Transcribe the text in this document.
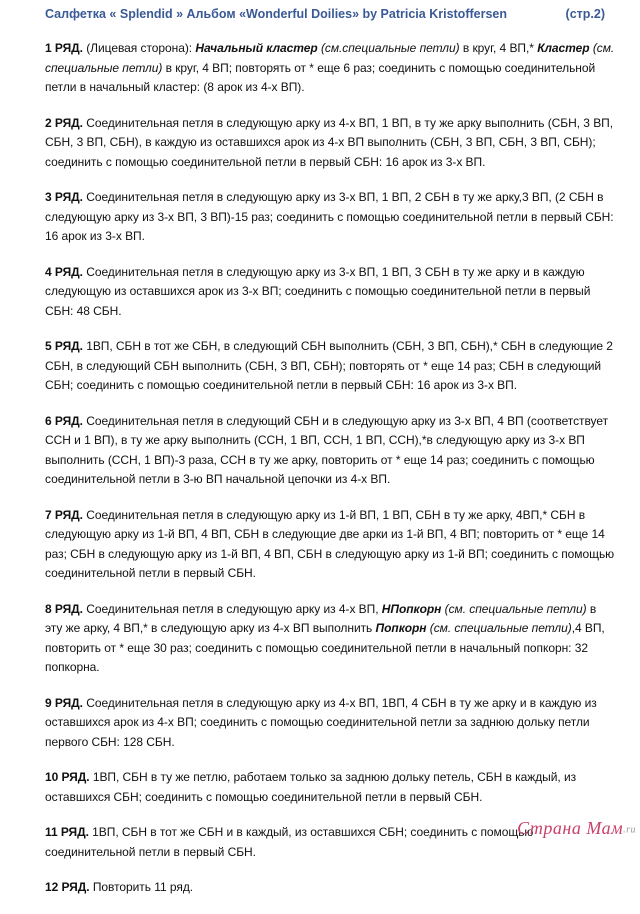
Салфетка « Splendid » Альбом «Wonderful Doilies» by Patricia Kristoffersen	(стр.2)

1 РЯД. (Лицевая сторона): Начальный кластер (см.специальные петли) в круг, 4 ВП,* Кластер (см. специальные петли) в круг, 4 ВП; повторять от * еще 6 раз; соединить с помощью соединительной петли в начальный кластер: (8 арок из 4-х ВП).

2 РЯД. Соединительная петля в следующую арку из 4-х ВП, 1 ВП, в ту же арку выполнить (СБН, 3 ВП, СБН, 3 ВП, СБН), в каждую из оставшихся арок из 4-х ВП выполнить (СБН, 3 ВП, СБН, 3 ВП, СБН); соединить с помощью соединительной петли в первый СБН: 16 арок из 3-х ВП.

3 РЯД. Соединительная петля в следующую арку из 3-х ВП, 1 ВП, 2 СБН в ту же арку,3 ВП, (2 СБН в следующую арку из 3-х ВП, 3 ВП)-15 раз; соединить с помощью соединительной петли в первый СБН: 16 арок из 3-х ВП.

4 РЯД. Соединительная петля в следующую арку из 3-х ВП, 1 ВП, 3 СБН в ту же арку и в каждую следующую из оставшихся арок из 3-х ВП; соединить с помощью соединительной петли в первый СБН: 48 СБН.

5 РЯД. 1ВП, СБН в тот же СБН, в следующий СБН выполнить (СБН, 3 ВП, СБН),* СБН в следующие 2 СБН, в следующий СБН выполнить (СБН, 3 ВП, СБН); повторять от * еще 14 раз; СБН в следующий СБН; соединить с помощью соединительной петли в первый СБН: 16 арок из 3-х ВП.

6 РЯД. Соединительная петля в следующий СБН и в следующую арку из 3-х ВП, 4 ВП (соответствует ССН и 1 ВП), в ту же арку выполнить (ССН, 1 ВП, ССН, 1 ВП, ССН),*в следующую арку из 3-х ВП выполнить (ССН, 1 ВП)-3 раза, ССН в ту же арку, повторить от * еще 14 раз; соединить с помощью соединительной петли в 3-ю ВП начальной цепочки из 4-х ВП.

7 РЯД. Соединительная петля в следующую арку из 1-й ВП, 1 ВП, СБН в ту же арку, 4ВП,* СБН в следующую арку из 1-й ВП, 4 ВП, СБН в следующие две арки из 1-й ВП, 4 ВП; повторить от * еще 14 раз; СБН в следующую арку из 1-й ВП, 4 ВП, СБН в следующую арку из 1-й ВП; соединить с помощью соединительной петли в первый СБН.

8 РЯД. Соединительная петля в следующую арку из 4-х ВП, НПопкорн (см. специальные петли) в эту же арку, 4 ВП,* в следующую арку из 4-х ВП выполнить Попкорн (см. специальные петли),4 ВП, повторить от * еще 30 раз; соединить с помощью соединительной петли в начальный попкорн: 32 попкорна.

9 РЯД. Соединительная петля в следующую арку из 4-х ВП, 1ВП, 4 СБН в ту же арку и в каждую из оставшихся арок из 4-х ВП; соединить с помощью соединительной петли за заднюю дольку петли первого СБН: 128 СБН.

10 РЯД. 1ВП, СБН в ту же петлю, работаем только за заднюю дольку петель, СБН в каждый, из оставшихся СБН; соединить с помощью соединительной петли в первый СБН.

11 РЯД. 1ВП, СБН в тот же СБН и в каждый, из оставшихся СБН; соединить с помощью соединительной петли в первый СБН.

12 РЯД. Повторить 11 ряд.

Страна Мам.ru
